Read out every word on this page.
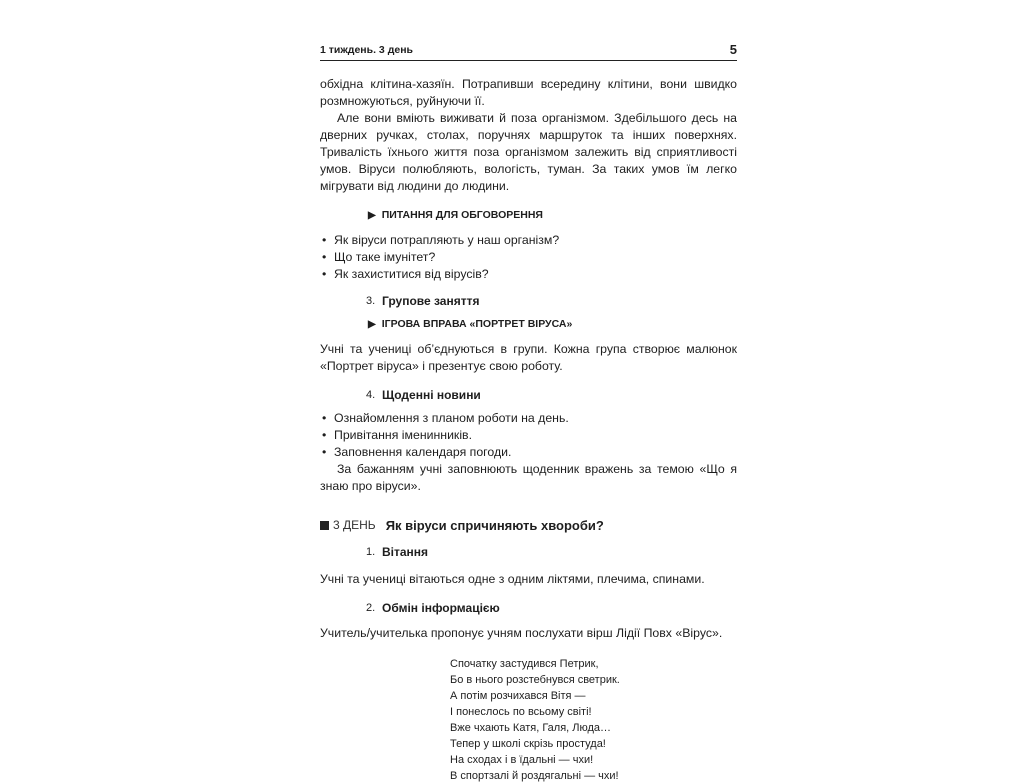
1 тиждень. 3 день	5

обхідна клітина-хазяїн. Потрапивши всередину клітини, вони швидко розмножуються, руйнуючи її.

Але вони вміють виживати й поза організмом. Здебільшого десь на дверних ручках, столах, поручнях маршруток та інших поверхнях. Тривалість їхнього життя поза організмом залежить від сприятливості умов. Віруси полюбляють, вологість, туман. За таких умов їм легко мігрувати від людини до людини.

▶ ПИТАННЯ ДЛЯ ОБГОВОРЕННЯ
• Як віруси потрапляють у наш організм?
• Що таке імунітет?
• Як захиститися від вірусів?
3. Групове заняття
▶ ІГРОВА ВПРАВА «ПОРТРЕТ ВІРУСА»

Учні та учениці об’єднуються в групи. Кожна група створює малюнок «Портрет віруса» і презентує свою роботу.

4. Щоденні новини
• Ознайомлення з планом роботи на день.
• Привітання іменинників.
• Заповнення календаря погоди.

За бажанням учні заповнюють щоденник вражень за темою «Що я знаю про віруси».

3 ДЕНЬ Як віруси спричиняють хвороби?
1. Вітання

Учні та учениці вітаються одне з одним ліктями, плечима, спинами.

2. Обмін інформацією

Учитель/учителька пропонує учням послухати вірш Лідії Повх «Вірус».

Спочатку застудився Петрик,
Бо в нього розстебнувся светрик.
А потім розчихався Вітя —
І понеслось по всьому світі!
Вже чхають Катя, Галя, Люда…
Тепер у школі скрізь простуда!
На сходах і в їдальні — чхи!
В спортзалі й роздягальні — чхи!
